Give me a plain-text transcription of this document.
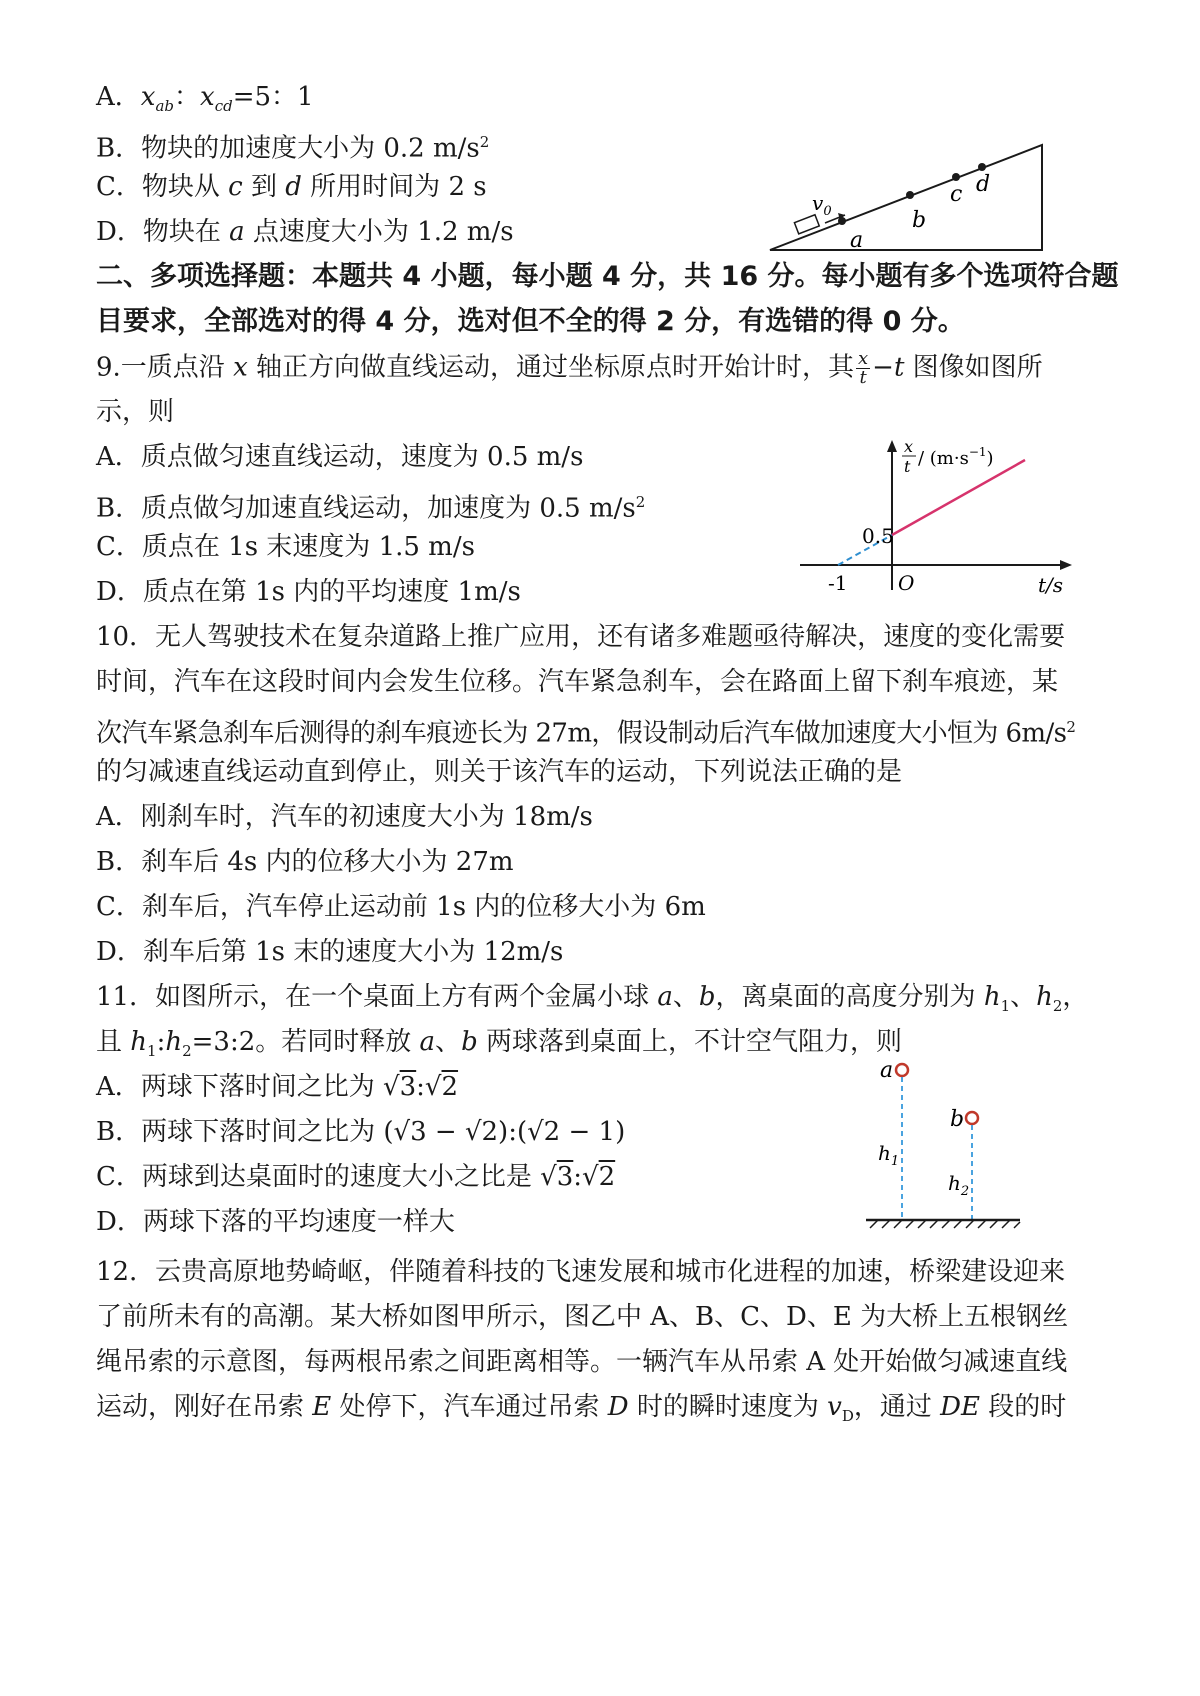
A．$x_{ab}$：$x_{cd}=5$：1
B．物块的加速度大小为 0.2 $m/s^2$
C．物块从 c 到 d 所用时间为 2 s
D．物块在 a 点速度大小为 1.2 m/s
$v_0$
a
b
c d
二、多项选择题：本题共 4 小题，每小题 4 分，共 16 分。每小题有多个选项符合题
目要求，全部选对的得 4 分，选对但不全的得 2 分，有选错的得 0 分。
9.一质点沿 x 轴正方向做直线运动，通过坐标原点时开始计时，其 $\frac{x}{t} -t$ 图像如图所
示，则
A．质点做匀速直线运动，速度为 0.5 m/s
B．质点做匀加速直线运动，加速度为 0.5 $m/s^2$
C．质点在 1s 末速度为 1.5 m/s
D．质点在第 1s 内的平均速度 1m/s
0.5
-1	O	t/s
x
$t / (m\cdot s^{-1})$
10．无人驾驶技术在复杂道路上推广应用，还有诸多难题亟待解决，速度的变化需要
时间，汽车在这段时间内会发生位移。汽车紧急刹车，会在路面上留下刹车痕迹，某
次汽车紧急刹车后测得的刹车痕迹长为 27m，假设制动后汽车做加速度大小恒为 $6m/s^2$
的匀减速直线运动直到停止，则关于该汽车的运动，下列说法正确的是
A．刚刹车时，汽车的初速度大小为 18m/s
B．刹车后 4s 内的位移大小为 27m
C．刹车后，汽车停止运动前 1s 内的位移大小为 6m
D．刹车后第 1s 末的速度大小为 12m/s
11．如图所示，在一个桌面上方有两个金属小球 a、b，离桌面的高度分别为 $h_1$、$h_2$，
且 $h_1:h_2=3:2$。若同时释放 a、b 两球落到桌面上，不计空气阻力，则
A．两球下落时间之比为 √3:√2
B．两球下落时间之比为 (√3 − √2):(√2 − 1)
C．两球到达桌面时的速度大小之比是 √3:√2
D．两球下落的平均速度一样大
a
b
$h_1$
$h_2$
12．云贵高原地势崎岖，伴随着科技的飞速发展和城市化进程的加速，桥梁建设迎来
了前所未有的高潮。某大桥如图甲所示，图乙中 A、B、C、D、E 为大桥上五根钢丝
绳吊索的示意图，每两根吊索之间距离相等。一辆汽车从吊索 A 处开始做匀减速直线
运动，刚好在吊索 E 处停下，汽车通过吊索 D 时的瞬时速度为 $v_D$，通过 DE 段的时
